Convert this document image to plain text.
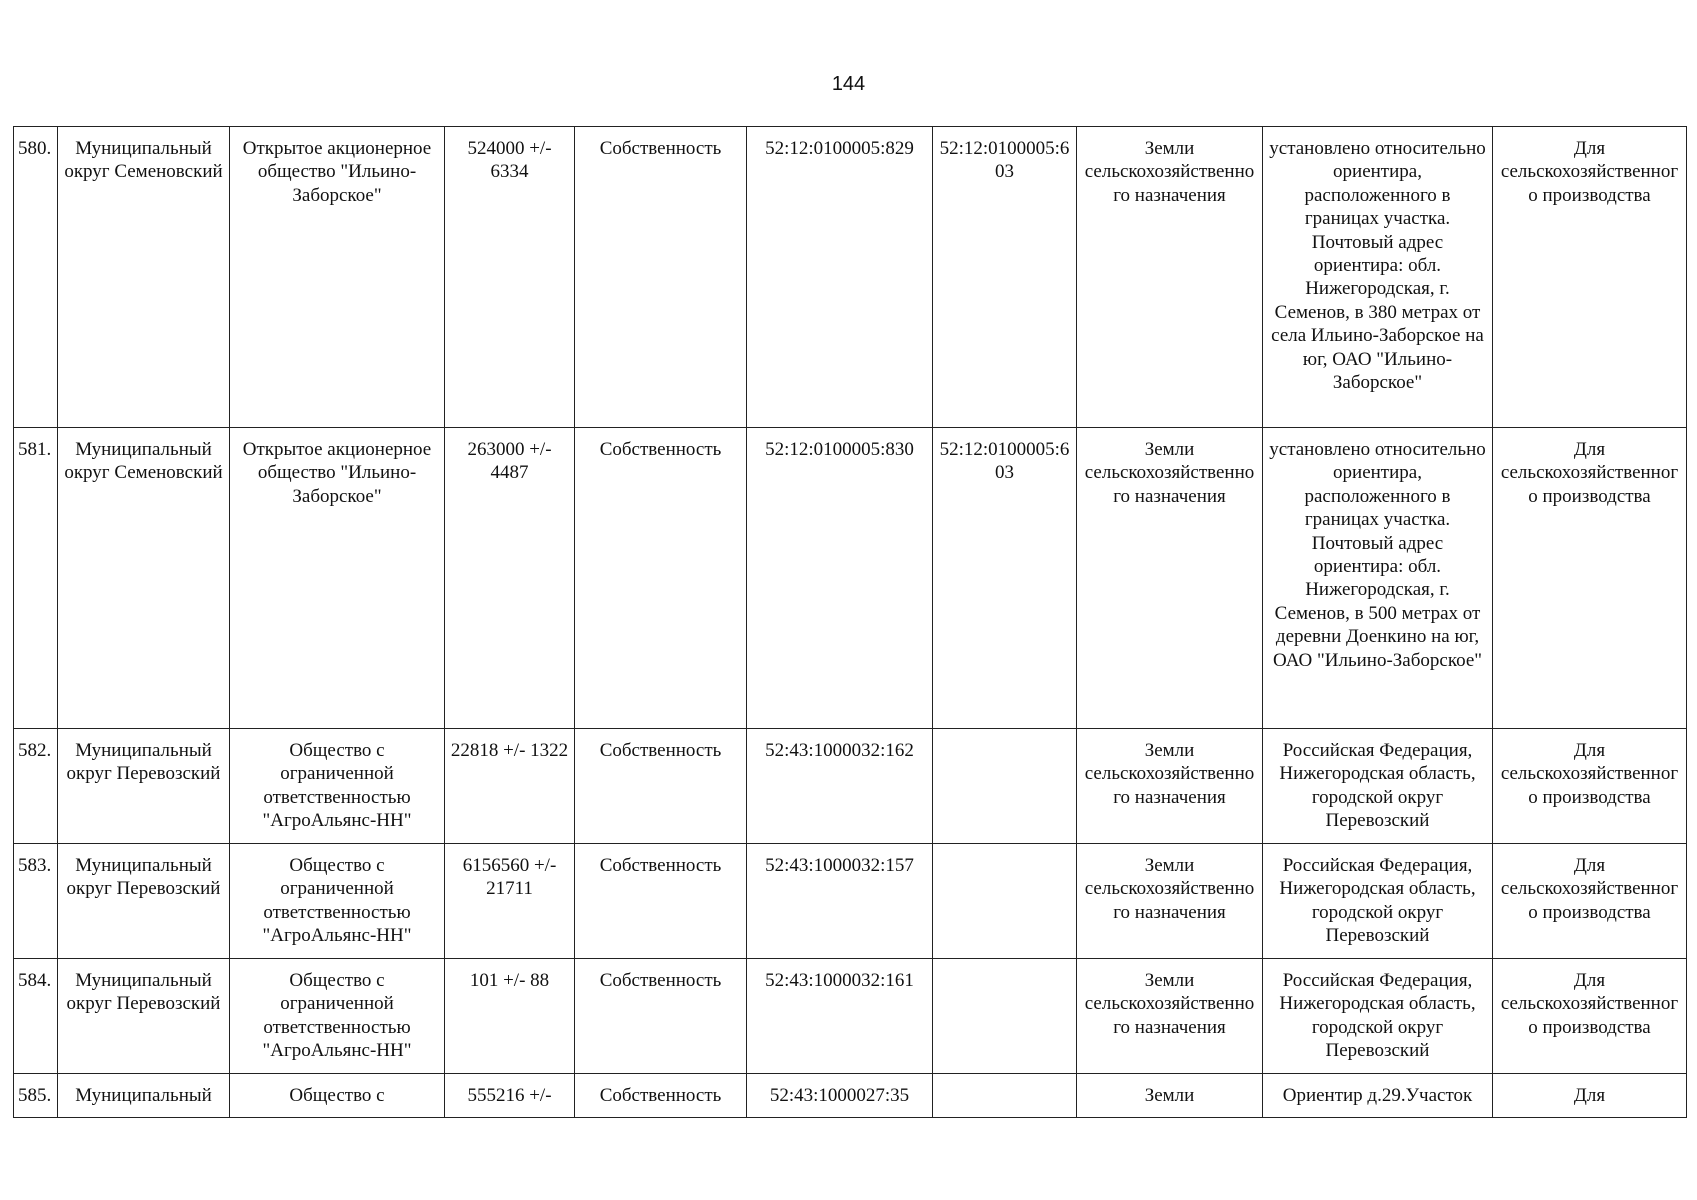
144
580.	Муниципальный округ Семеновский	Открытое акционерное общество "Ильино-Заборское"	524000 +/- 6334	Собственность	52:12:0100005:829	52:12:0100005:603	Земли сельскохозяйственного назначения	установлено относительно ориентира, расположенного в границах участка. Почтовый адрес ориентира: обл. Нижегородская, г. Семенов, в 380 метрах от села Ильино-Заборское на юг, ОАО "Ильино-Заборское"	Для сельскохозяйственного производства
581.	Муниципальный округ Семеновский	Открытое акционерное общество "Ильино-Заборское"	263000 +/- 4487	Собственность	52:12:0100005:830	52:12:0100005:603	Земли сельскохозяйственного назначения	установлено относительно ориентира, расположенного в границах участка. Почтовый адрес ориентира: обл. Нижегородская, г. Семенов, в 500 метрах от деревни Доенкино на юг, ОАО "Ильино-Заборское"	Для сельскохозяйственного производства
582.	Муниципальный округ Перевозский	Общество с ограниченной ответственностью "АгроАльянс-НН"	22818 +/- 1322	Собственность	52:43:1000032:162		Земли сельскохозяйственного назначения	Российская Федерация, Нижегородская область, городской округ Перевозский	Для сельскохозяйственного производства
583.	Муниципальный округ Перевозский	Общество с ограниченной ответственностью "АгроАльянс-НН"	6156560 +/- 21711	Собственность	52:43:1000032:157		Земли сельскохозяйственного назначения	Российская Федерация, Нижегородская область, городской округ Перевозский	Для сельскохозяйственного производства
584.	Муниципальный округ Перевозский	Общество с ограниченной ответственностью "АгроАльянс-НН"	101 +/- 88	Собственность	52:43:1000032:161		Земли сельскохозяйственного назначения	Российская Федерация, Нижегородская область, городской округ Перевозский	Для сельскохозяйственного производства
585.	Муниципальный	Общество с	555216 +/-	Собственность	52:43:1000027:35		Земли	Ориентир д.29.Участок	Для
